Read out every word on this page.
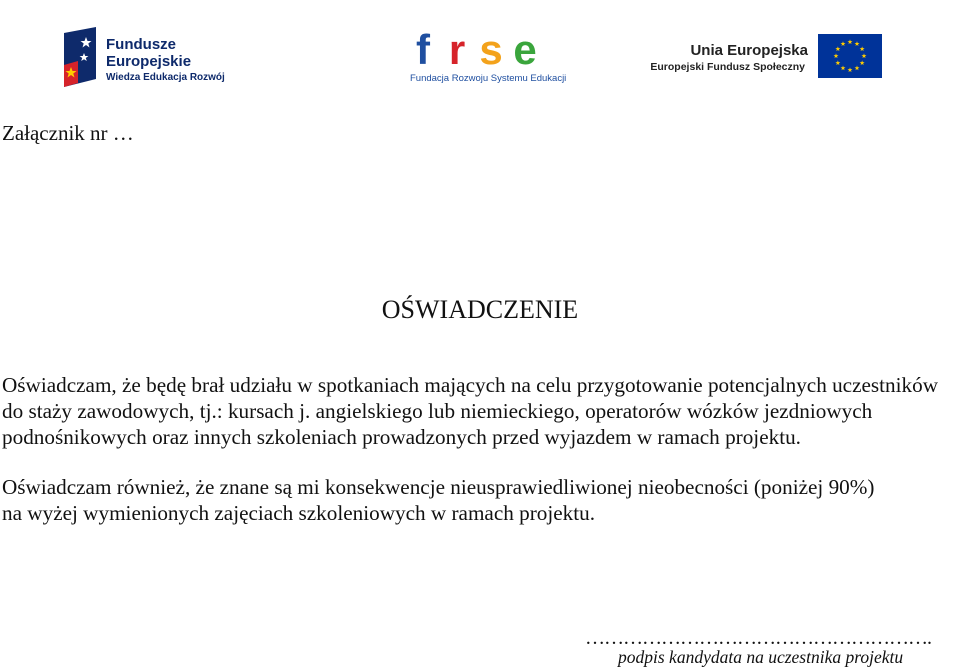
Fundusze
Europejskie
Wiedza Edukacja Rozwój
f r s e
Fundacja Rozwoju Systemu Edukacji
Unia Europejska
Europejski Fundusz Społeczny
Załącznik nr …
OŚWIADCZENIE
Oświadczam, że będę brał udziału w spotkaniach mających na celu przygotowanie potencjalnych uczestników
do staży zawodowych, tj.: kursach j. angielskiego lub niemieckiego, operatorów wózków jezdniowych
podnośnikowych oraz innych szkoleniach prowadzonych przed wyjazdem w ramach projektu.
Oświadczam również, że znane są mi konsekwencje nieusprawiedliwionej nieobecności (poniżej 90%)
na wyżej wymienionych zajęciach szkoleniowych w ramach projektu.
……………………………………………….
podpis kandydata na uczestnika projektu
